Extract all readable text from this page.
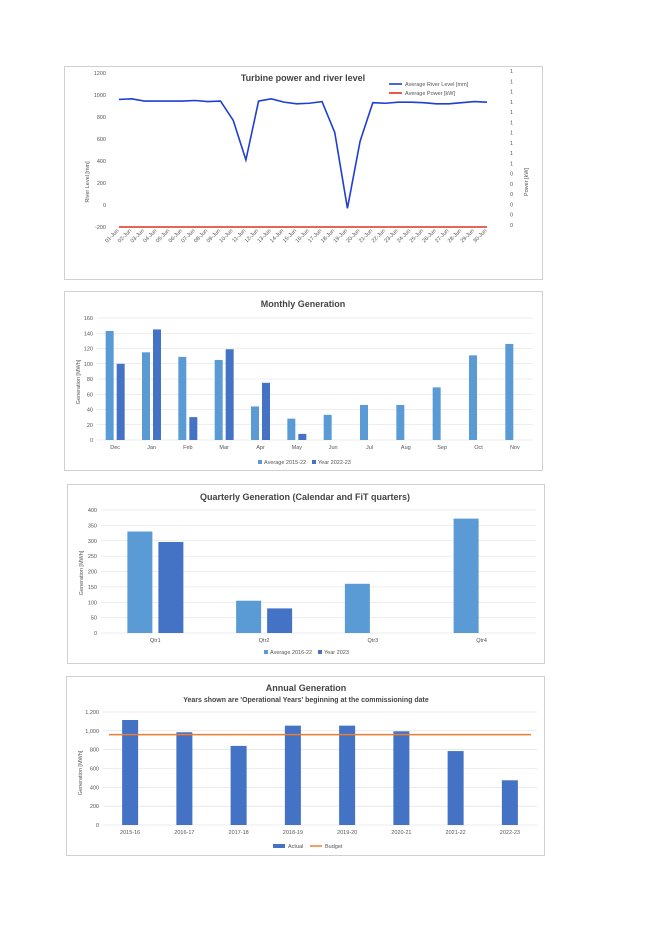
Turbine power and river level
River Level [mm]	Power [kW]
Average River Level [mm]
Average Power [kW]
-200
0
200
400
600
800
1000
1200
0
0
0
0
0
0
1
1
1
1
1
1
1
1
1
1
01-Jun
02-Jun
03-Jun
04-Jun
05-Jun
06-Jun
07-Jun
08-Jun
09-Jun
10-Jun
11-Jun
12-Jun
13-Jun
14-Jun
15-Jun
16-Jun
17-Jun
18-Jun
19-Jun
20-Jun
21-Jun
22-Jun
23-Jun
24-Jun
25-Jun
26-Jun
27-Jun
28-Jun
29-Jun
30-Jun
Monthly Generation
Generation [MWh]
Average 2015-22 Year 2022-23
0
20
40
60
80
100
120
140
160
Dec	Jan	Feb	Mar	Apr	May	Jun	Jul	Aug	Sep	Oct	Nov
Quarterly Generation (Calendar and FiT quarters)
Generation [MWh]
Average 2016-22 Year 2023
0
50
100
150
200
250
300
350
400
Qtr1	Qtr2	Qtr3	Qtr4
Annual Generation
Years shown are 'Operational Years' beginning at the commissioning date
Generation [MWh]
Actual	Budget
0
200
400
600
800
1,000
1,200
2015-16	2016-17	2017-18	2018-19	2019-20	2020-21	2021-22	2022-23
